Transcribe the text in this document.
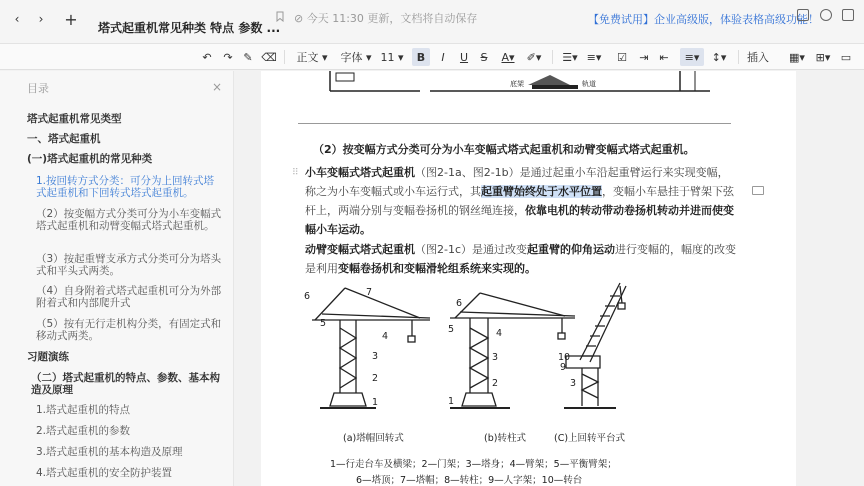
‹ › + 塔式起重机常见种类 特点 参数 ...
⊘ 今天 11:30 更新，文档将自动保存	【免费试用】企业高级版，体验表格高级功能！
↶ ↷ ✎ ⌫ 正文 ▾	字体 ▾ 11 ▾	B	I	U	S	A▾	✐▾ ☰▾ ≡▾ ☑	⇥ ⇤	≡▾	↕▾	插入 ▦▾ ⊞▾ ▭
目录	×
塔式起重机常见类型
一、塔式起重机
(一)塔式起重机的常见种类
1.按回转方式分类：可分为上回转式塔式起重机和下回转式塔式起重机。
（2）按变幅方式分类可分为小车变幅式塔式起重机和动臂变幅式塔式起重机。
（3）按起重臂支承方式分类可分为塔头式和平头式两类。
（4）自身附着式塔式起重机可分为外部附着式和内部爬升式
（5）按有无行走机构分类，有固定式和移动式两类。
习题演练
（二）塔式起重机的特点、参数、基本构造及原理
1.塔式起重机的特点
2.塔式起重机的参数
3.塔式起重机的基本构造及原理
4.塔式起重机的安全防护装置
底架	轨道
（2）按变幅方式分类可分为小车变幅式塔式起重机和动臂变幅式塔式起重机。
⠿ 小车变幅式塔式起重机（图2-1a、图2-1b）是通过起重小车沿起重臂运行来实现变幅，称之为小车变幅式或小车运行式，其起重臂始终处于水平位置，变幅小车悬挂于臂架下弦杆上，两端分别与变幅卷扬机的钢丝绳连接，依靠电机的转动带动卷扬机转动并进而使变幅小车运动。
动臂变幅式塔式起重机（图2-1c）是通过改变起重臂的仰角运动进行变幅的，幅度的改变是利用变幅卷扬机和变幅滑轮组系统来实现的。
6	7
5
4
3
2
1
6
5	4
3
2
1
10
9
3
(a)塔帽回转式	(b)转柱式	(C)上回转平台式
1—行走台车及横梁；2—门架；3—塔身；4—臂架；5—平衡臂架；
6—塔顶；7—塔帽；8—转柱；9—人字架；10—转台
